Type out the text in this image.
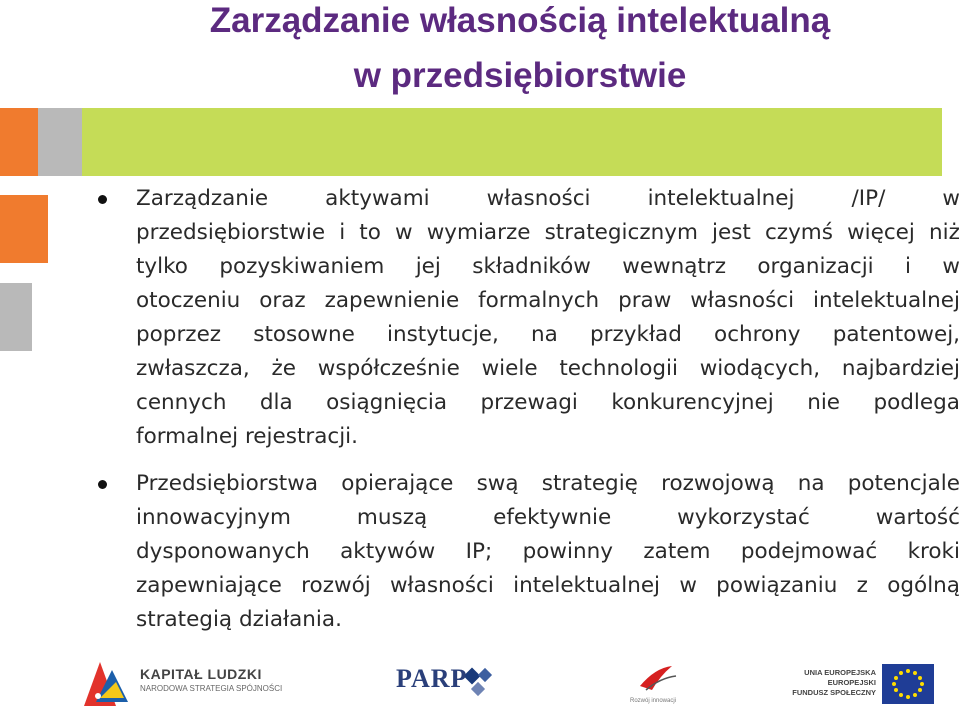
Zarządzanie własnością intelektualną
w przedsiębiorstwie
Zarządzanie	aktywami	własności	intelektualnej	/IP/	w
przedsiębiorstwie i to w wymiarze strategicznym jest czymś więcej niż
tylko pozyskiwaniem jej składników wewnątrz organizacji i w
otoczeniu oraz zapewnienie formalnych praw własności intelektualnej
poprzez stosowne instytucje, na przykład ochrony patentowej,
zwłaszcza, że współcześnie wiele technologii wiodących, najbardziej
cennych dla osiągnięcia przewagi konkurencyjnej nie podlega
formalnej rejestracji.
Przedsiębiorstwa opierające swą strategię rozwojową na potencjale
innowacyjnym	muszą	efektywnie	wykorzystać	wartość
dysponowanych aktywów IP; powinny zatem podejmować kroki
zapewniające rozwój własności intelektualnej w powiązaniu z ogólną
strategią działania.
KAPITAŁ LUDZKI
NARODOWA STRATEGIA SPÓJNOŚCI	PARP
Rozwój innowacji
UNIA EUROPEJSKA
EUROPEJSKI
FUNDUSZ SPOŁECZNY
